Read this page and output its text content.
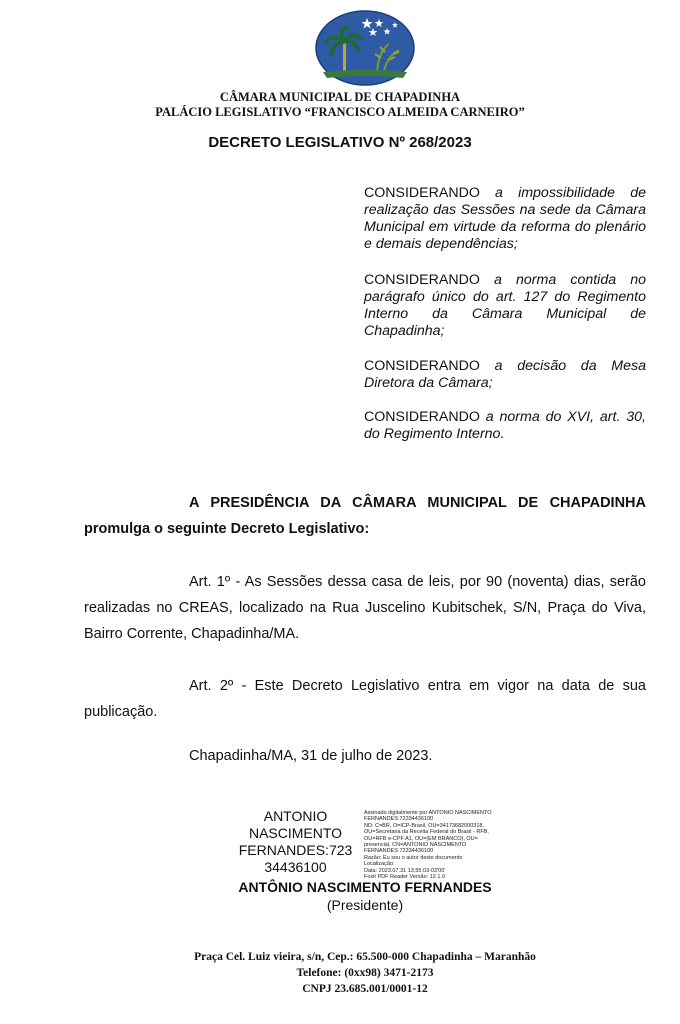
CÂMARA MUNICIPAL DE CHAPADINHA
PALÁCIO LEGISLATIVO “FRANCISCO ALMEIDA CARNEIRO”
DECRETO LEGISLATIVO Nº 268/2023
CONSIDERANDO a impossibilidade de realização das Sessões na sede da Câmara Municipal em virtude da reforma do plenário e demais dependências;
CONSIDERANDO a norma contida no parágrafo único do art. 127 do Regimento Interno da Câmara Municipal de Chapadinha;
CONSIDERANDO a decisão da Mesa Diretora da Câmara;
CONSIDERANDO a norma do XVI, art. 30, do Regimento Interno.
A PRESIDÊNCIA DA CÂMARA MUNICIPAL DE CHAPADINHA promulga o seguinte Decreto Legislativo:
Art. 1º - As Sessões dessa casa de leis, por 90 (noventa) dias, serão realizadas no CREAS, localizado na Rua Juscelino Kubitschek, S/N, Praça do Viva, Bairro Corrente, Chapadinha/MA.
Art. 2º - Este Decreto Legislativo entra em vigor na data de sua publicação.
Chapadinha/MA, 31 de julho de 2023.
ANTONIO
NASCIMENTO
FERNANDES:723
34436100
Assinado digitalmente por ANTONIO NASCIMENTO
FERNANDES:72334436100
ND: C=BR, O=ICP-Brasil, OU=34173682000318,
OU=Secretaria da Receita Federal do Brasil - RFB,
OU=RFB e-CPF A1, OU=(EM BRANCO), OU=
presencial, CN=ANTONIO NASCIMENTO
FERNANDES:72334436100
Razão: Eu sou o autor deste documento
Localização:
Data: 2023.07.31 13:55:03-03'00'
Foxit PDF Reader Versão: 12.1.0
ANTÔNIO NASCIMENTO FERNANDES
(Presidente)
Praça Cel. Luiz vieira, s/n, Cep.: 65.500-000 Chapadinha – Maranhão
Telefone: (0xx98) 3471-2173
CNPJ 23.685.001/0001-12
